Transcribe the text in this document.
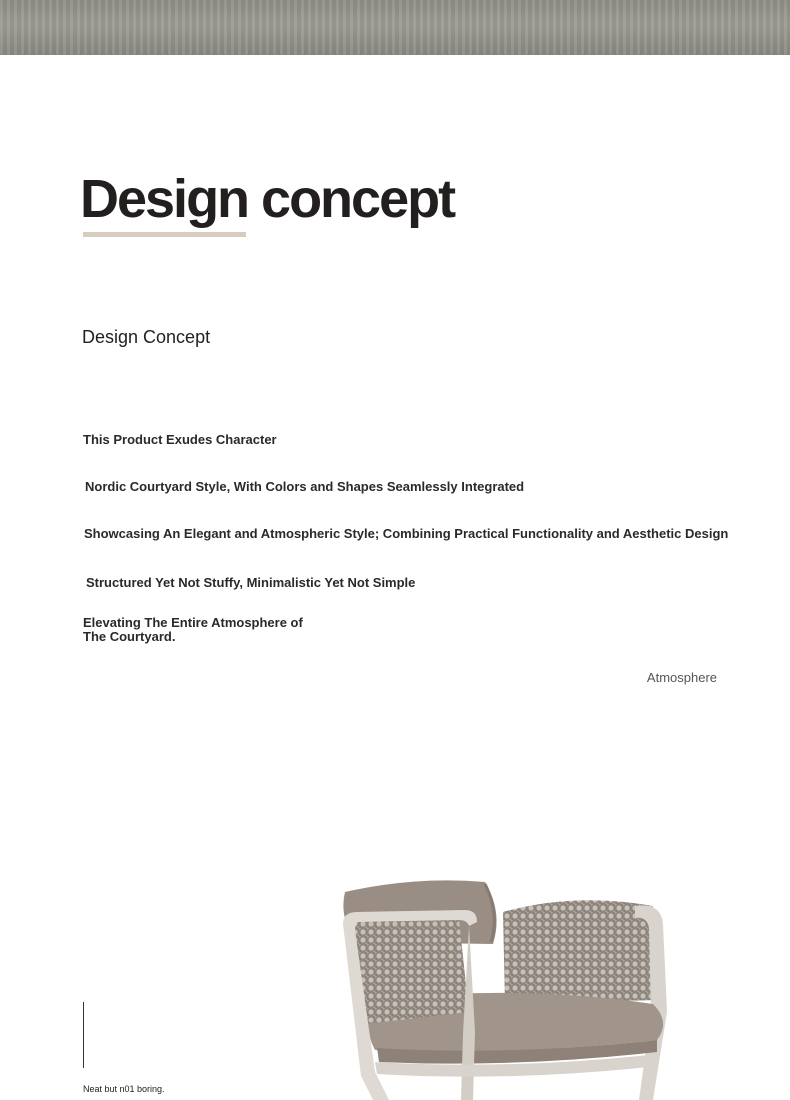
Design concept
Design Concept

This Product Exudes Character

Nordic Courtyard Style, With Colors and Shapes Seamlessly Integrated

Showcasing An Elegant and Atmospheric Style; Combining Practical Functionality and Aesthetic Design

Structured Yet Not Stuffy, Minimalistic Yet Not Simple

Elevating The Entire Atmosphere of The Courtyard.

Atmosphere
Neat but n01 boring.
